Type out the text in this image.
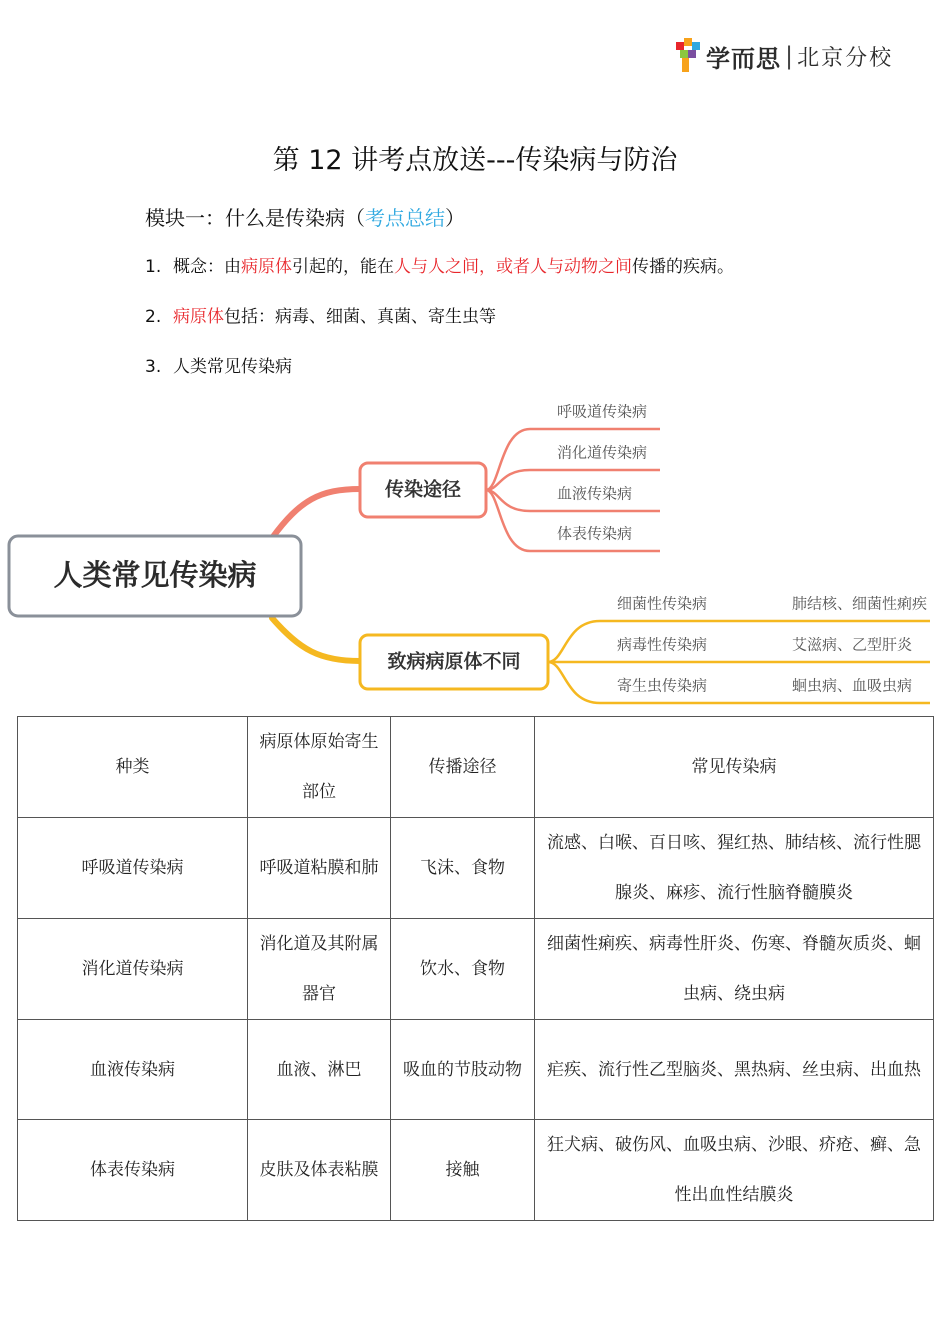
学而思 | 北京分校
第 12 讲考点放送---传染病与防治
模块一：什么是传染病（考点总结）
1. 概念：由病原体引起的，能在人与人之间，或者人与动物之间传播的疾病。
2. 病原体包括：病毒、细菌、真菌、寄生虫等
3. 人类常见传染病
人类常见传染病
传染途径
呼吸道传染病
消化道传染病
血液传染病
体表传染病
致病病原体不同
细菌性传染病	肺结核、细菌性痢疾
病毒性传染病	艾滋病、乙型肝炎
寄生虫传染病	蛔虫病、血吸虫病
种类	病原体原始寄生部位	传播途径	常见传染病
呼吸道传染病	呼吸道粘膜和肺	飞沫、食物	流感、白喉、百日咳、猩红热、肺结核、流行性腮腺炎、麻疹、流行性脑脊髓膜炎
消化道传染病	消化道及其附属器官	饮水、食物	细菌性痢疾、病毒性肝炎、伤寒、脊髓灰质炎、蛔虫病、绕虫病
血液传染病	血液、淋巴	吸血的节肢动物	疟疾、流行性乙型脑炎、黑热病、丝虫病、出血热
体表传染病	皮肤及体表粘膜	接触	狂犬病、破伤风、血吸虫病、沙眼、疥疮、癣、急性出血性结膜炎
